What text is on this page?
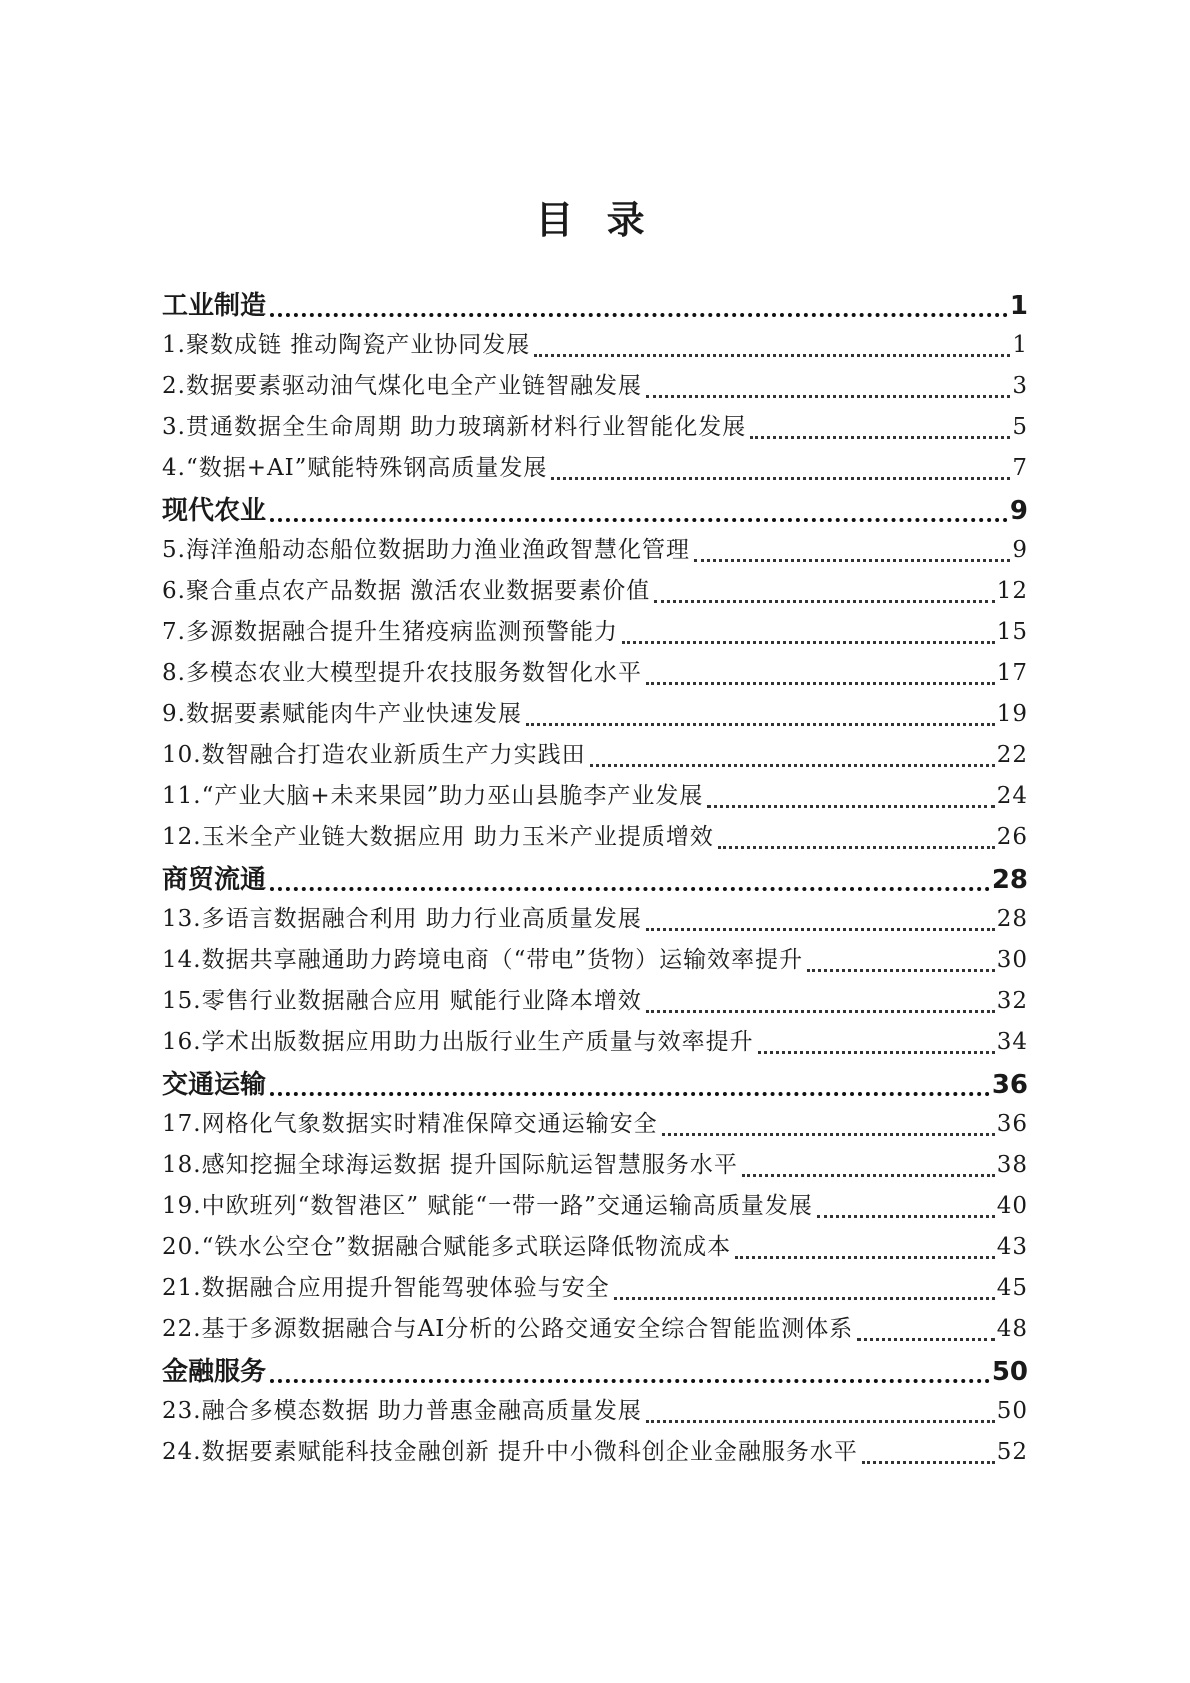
目 录
工业制造	1
1.聚数成链 推动陶瓷产业协同发展	1
2.数据要素驱动油气煤化电全产业链智融发展	3
3.贯通数据全生命周期 助力玻璃新材料行业智能化发展	5
4.“数据+AI”赋能特殊钢高质量发展	7
现代农业	9
5.海洋渔船动态船位数据助力渔业渔政智慧化管理	9
6.聚合重点农产品数据 激活农业数据要素价值	12
7.多源数据融合提升生猪疫病监测预警能力	15
8.多模态农业大模型提升农技服务数智化水平	17
9.数据要素赋能肉牛产业快速发展	19
10.数智融合打造农业新质生产力实践田	22
11.“产业大脑+未来果园”助力巫山县脆李产业发展	24
12.玉米全产业链大数据应用 助力玉米产业提质增效	26
商贸流通	28
13.多语言数据融合利用 助力行业高质量发展	28
14.数据共享融通助力跨境电商（“带电”货物）运输效率提升	30
15.零售行业数据融合应用 赋能行业降本增效	32
16.学术出版数据应用助力出版行业生产质量与效率提升	34
交通运输	36
17.网格化气象数据实时精准保障交通运输安全	36
18.感知挖掘全球海运数据 提升国际航运智慧服务水平	38
19.中欧班列“数智港区” 赋能“一带一路”交通运输高质量发展	40
20.“铁水公空仓”数据融合赋能多式联运降低物流成本	43
21.数据融合应用提升智能驾驶体验与安全	45
22.基于多源数据融合与AI分析的公路交通安全综合智能监测体系	48
金融服务	50
23.融合多模态数据 助力普惠金融高质量发展	50
24.数据要素赋能科技金融创新 提升中小微科创企业金融服务水平	52
